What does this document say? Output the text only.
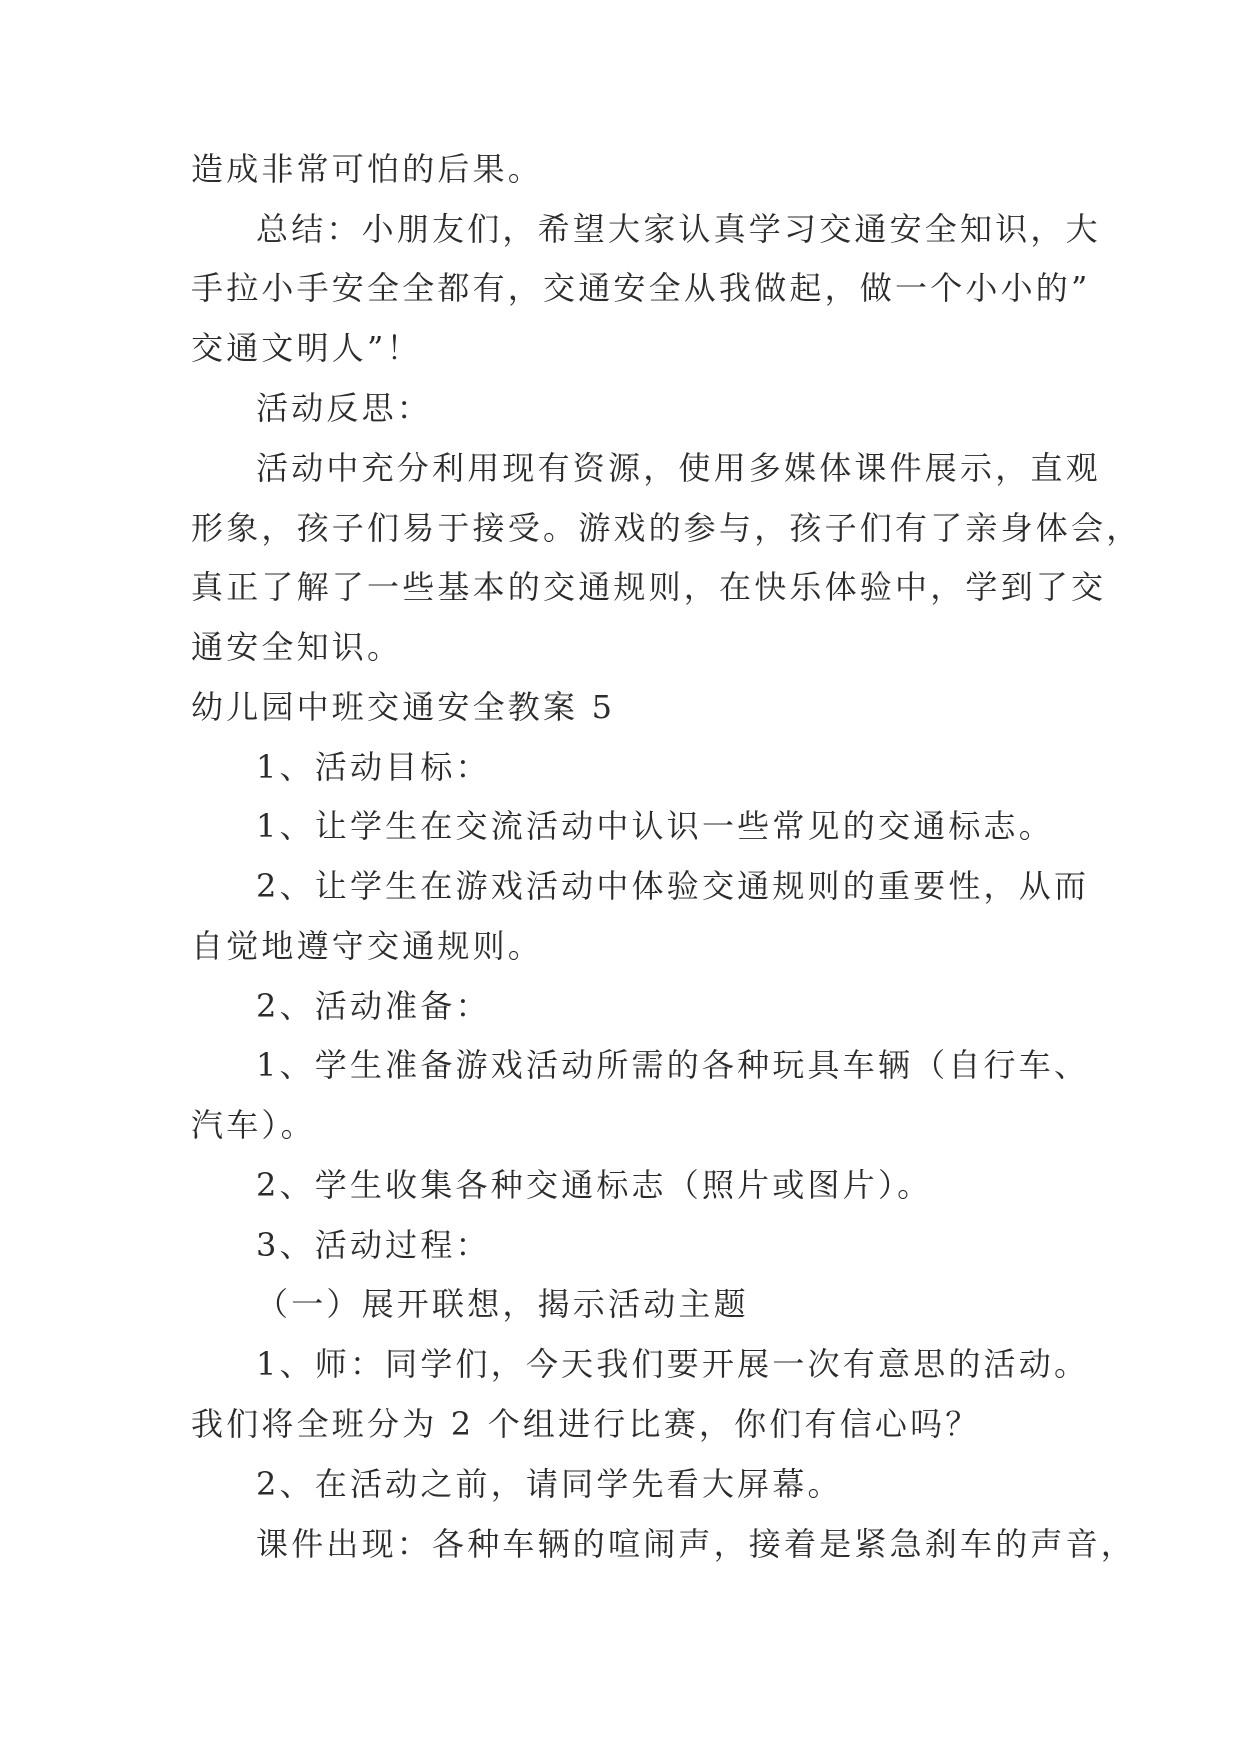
造成非常可怕的后果。
总结：小朋友们，希望大家认真学习交通安全知识，大
手拉小手安全全都有，交通安全从我做起，做一个小小的”
交通文明人”！
活动反思：
活动中充分利用现有资源，使用多媒体课件展示，直观
形象，孩子们易于接受。游戏的参与，孩子们有了亲身体会，
真正了解了一些基本的交通规则，在快乐体验中，学到了交
通安全知识。
幼儿园中班交通安全教案 5
1、活动目标：
1、让学生在交流活动中认识一些常见的交通标志。
2、让学生在游戏活动中体验交通规则的重要性，从而
自觉地遵守交通规则。
2、活动准备：
1、学生准备游戏活动所需的各种玩具车辆（自行车、
汽车）。
2、学生收集各种交通标志（照片或图片）。
3、活动过程：
（一）展开联想，揭示活动主题
1、师：同学们，今天我们要开展一次有意思的活动。
我们将全班分为 2 个组进行比赛，你们有信心吗？
2、在活动之前，请同学先看大屏幕。
课件出现：各种车辆的喧闹声，接着是紧急刹车的声音，
